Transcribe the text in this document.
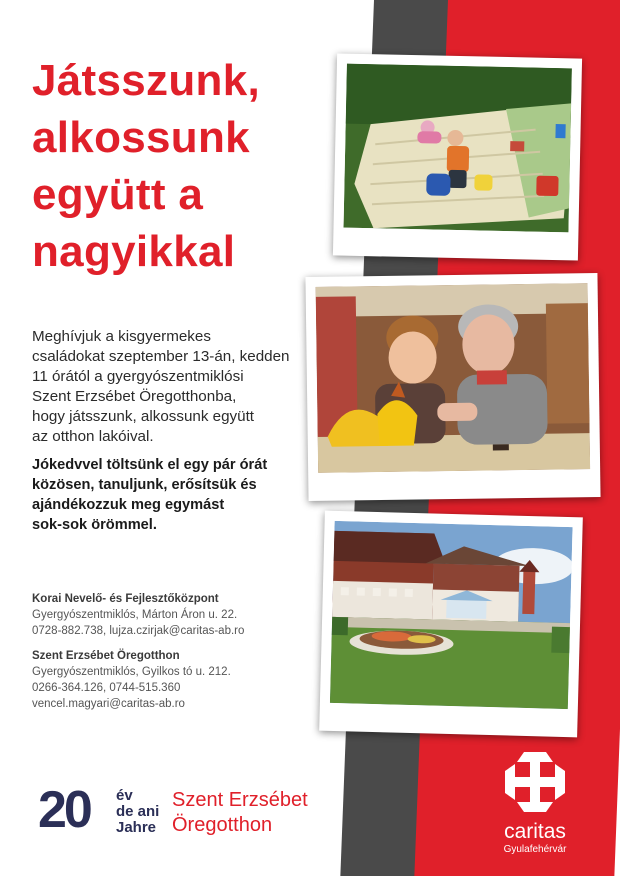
Játsszunk,
alkossunk
együtt a
nagyikkal

Meghívjuk a kisgyermekes
családokat szeptember 13-án, kedden
11 órától a gyergyószentmiklósi
Szent Erzsébet Öregotthonba,
hogy játsszunk, alkossunk együtt
az otthon lakóival.

Jókedvvel töltsünk el egy pár órát
közösen, tanuljunk, erősítsük és
ajándékozzuk meg egymást
sok-sok örömmel.

Korai Nevelő- és Fejlesztőközpont
Gyergyószentmiklós, Márton Áron u. 22.
0728-882.738, lujza.czirjak@caritas-ab.ro
Szent Erzsébet Öregotthon
Gyergyószentmiklós, Gyilkos tó u. 212.
0266-364.126, 0744-515.360
vencel.magyari@caritas-ab.ro
20 év
de ani
Jahre
Szent Erzsébet
Öregotthon	caritas
Gyulafehérvár
